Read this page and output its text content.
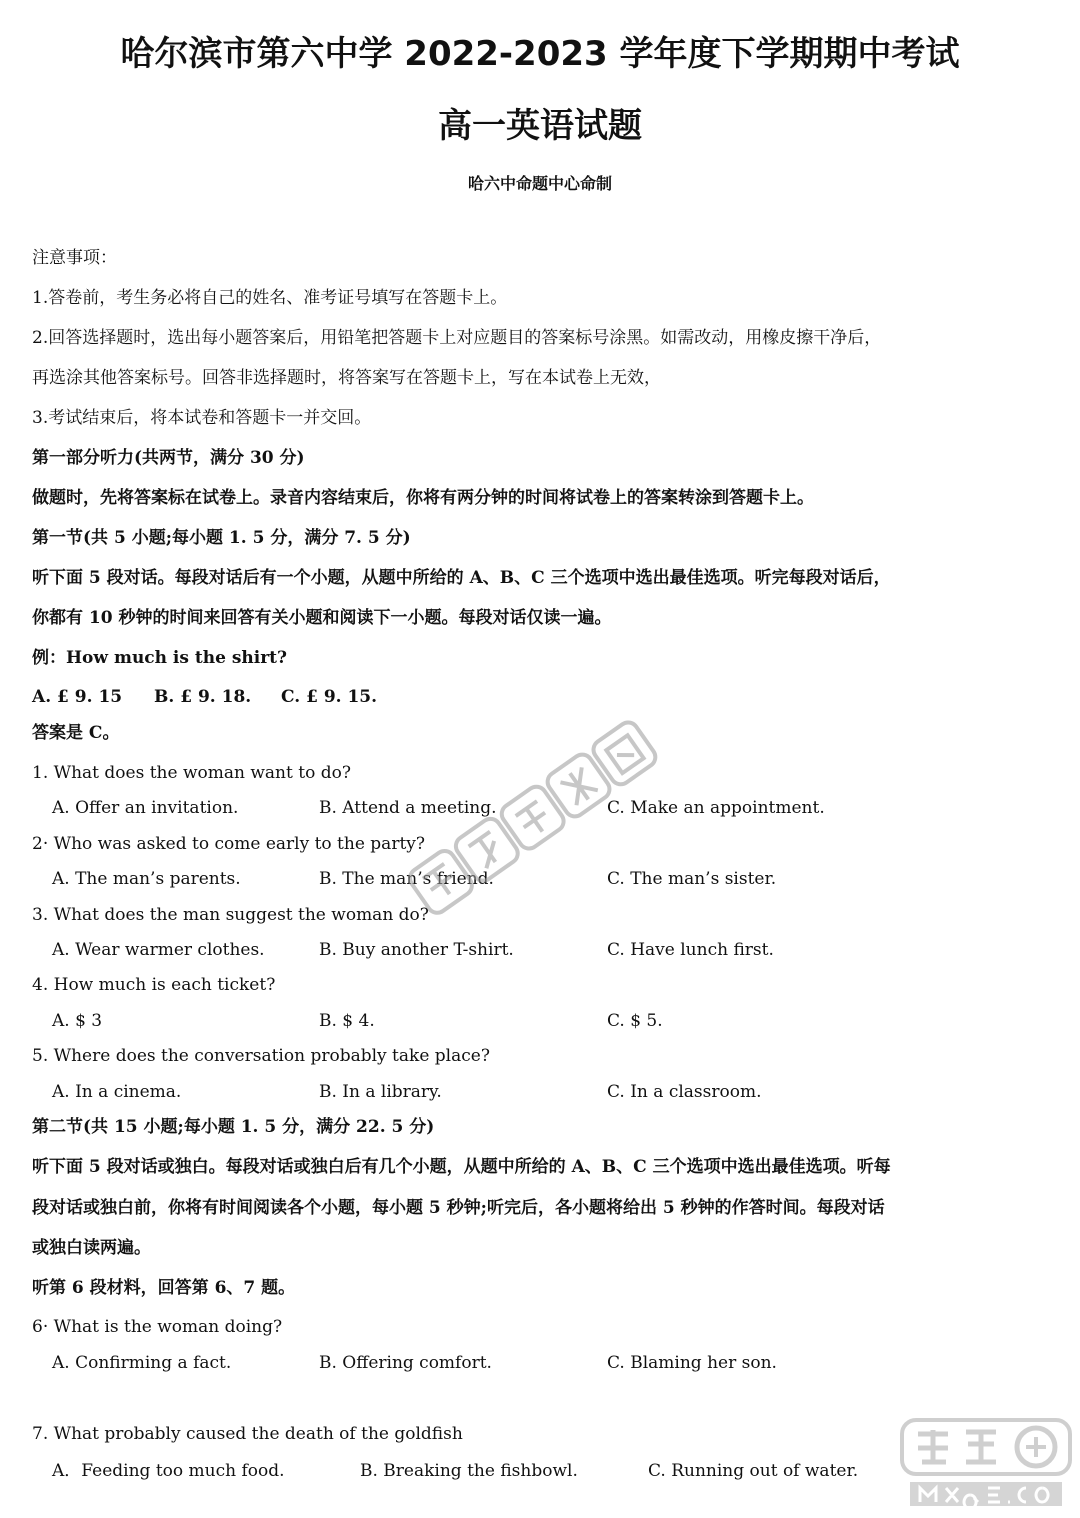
哈尔滨市第六中学 2022-2023 学年度下学期期中考试
高一英语试题
哈六中命题中心命制
注意事项：
1.答卷前，考生务必将自己的姓名、准考证号填写在答题卡上。
2.回答选择题时，选出每小题答案后，用铅笔把答题卡上对应题目的答案标号涂黑。如需改动，用橡皮擦干净后，
再选涂其他答案标号。回答非选择题时，将答案写在答题卡上，写在本试卷上无效，
3.考试结束后，将本试卷和答题卡一并交回。
第一部分听力(共两节，满分 30 分)
做题时，先将答案标在试卷上。录音内容结束后，你将有两分钟的时间将试卷上的答案转涂到答题卡上。
第一节(共 5 小题;每小题 1. 5 分，满分 7. 5 分)
听下面 5 段对话。每段对话后有一个小题，从题中所给的 A、B、C 三个选项中选出最佳选项。听完每段对话后，
你都有 10 秒钟的时间来回答有关小题和阅读下一小题。每段对话仅读一遍。
例：How much is the shirt?
A. £ 9. 15 B. £ 9. 18. C. £ 9. 15.
答案是 C。
1. What does the woman want to do?
A. Offer an invitation.	B. Attend a meeting.	C. Make an appointment.
2· Who was asked to come early to the party?
A. The man’s parents.	B. The man’s friend.	C. The man’s sister.
3. What does the man suggest the woman do?
A. Wear warmer clothes.	B. Buy another T-shirt.	C. Have lunch first.
4. How much is each ticket?
A. $ 3	B. $ 4.	C. $ 5.
5. Where does the conversation probably take place?
A. In a cinema.	B. In a library.	C. In a classroom.
第二节(共 15 小题;每小题 1. 5 分，满分 22. 5 分)
听下面 5 段对话或独白。每段对话或独白后有几个小题，从题中所给的 A、B、C 三个选项中选出最佳选项。听每
段对话或独白前，你将有时间阅读各个小题，每小题 5 秒钟;听完后，各小题将给出 5 秒钟的作答时间。每段对话
或独白读两遍。
听第 6 段材料，回答第 6、7 题。
6· What is the woman doing?
A. Confirming a fact.	B. Offering comfort.	C. Blaming her son.
7. What probably caused the death of the goldfish
A．Feeding too much food.	B. Breaking the fishbowl.	C. Running out of water.
